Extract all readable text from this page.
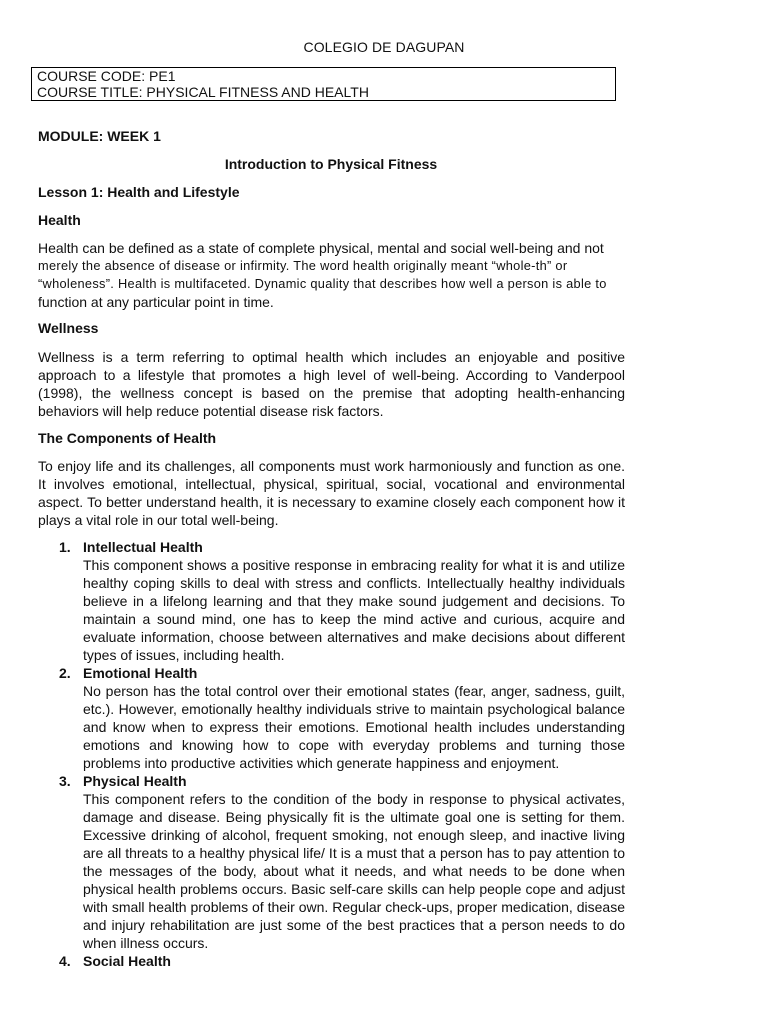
COLEGIO DE DAGUPAN
COURSE CODE: PE1
COURSE TITLE: PHYSICAL FITNESS AND HEALTH
MODULE: WEEK 1
Introduction to Physical Fitness
Lesson 1: Health and Lifestyle
Health
Health can be defined as a state of complete physical, mental and social well-being and not
merely the absence of disease or infirmity. The word health originally meant “whole-th” or
“wholeness”. Health is multifaceted. Dynamic quality that describes how well a person is able to
function at any particular point in time.
Wellness
Wellness is a term referring to optimal health which includes an enjoyable and positive approach to a lifestyle that promotes a high level of well-being. According to Vanderpool (1998), the wellness concept is based on the premise that adopting health-enhancing behaviors will help reduce potential disease risk factors.
The Components of Health
To enjoy life and its challenges, all components must work harmoniously and function as one. It involves emotional, intellectual, physical, spiritual, social, vocational and environmental aspect. To better understand health, it is necessary to examine closely each component how it plays a vital role in our total well-being.
1. Intellectual Health
This component shows a positive response in embracing reality for what it is and utilize healthy coping skills to deal with stress and conflicts. Intellectually healthy individuals believe in a lifelong learning and that they make sound judgement and decisions. To maintain a sound mind, one has to keep the mind active and curious, acquire and evaluate information, choose between alternatives and make decisions about different types of issues, including health.
2. Emotional Health
No person has the total control over their emotional states (fear, anger, sadness, guilt, etc.). However, emotionally healthy individuals strive to maintain psychological balance and know when to express their emotions. Emotional health includes understanding emotions and knowing how to cope with everyday problems and turning those problems into productive activities which generate happiness and enjoyment.
3. Physical Health
This component refers to the condition of the body in response to physical activates, damage and disease. Being physically fit is the ultimate goal one is setting for them. Excessive drinking of alcohol, frequent smoking, not enough sleep, and inactive living are all threats to a healthy physical life/ It is a must that a person has to pay attention to the messages of the body, about what it needs, and what needs to be done when physical health problems occurs. Basic self-care skills can help people cope and adjust with small health problems of their own. Regular check-ups, proper medication, disease and injury rehabilitation are just some of the best practices that a person needs to do when illness occurs.
4. Social Health
